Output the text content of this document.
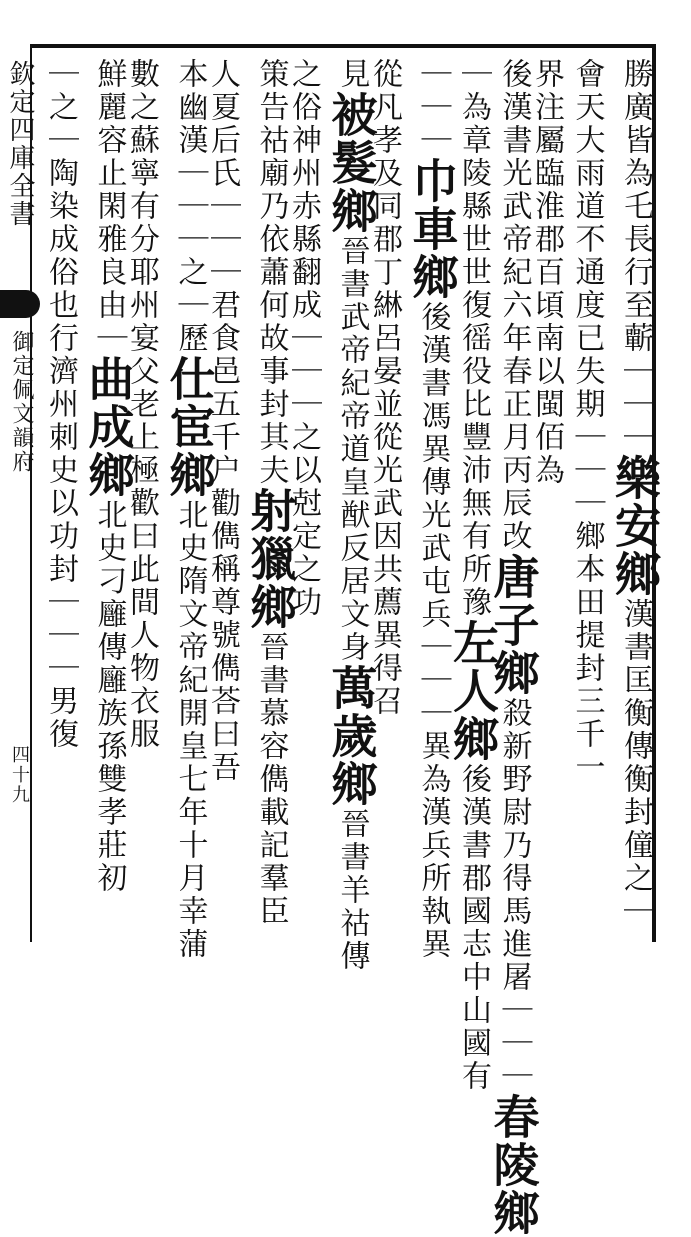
欽定四庫全書
御定佩文韻府
四十九
勝廣皆為乇長行至蘄｜｜｜樂安鄉漢書匡衡傳衡封僮之｜
會天大雨道不通度已失期｜｜｜鄉本田提封三千一
界注屬臨淮郡百頃南以閩佰為
後漢書光武帝紀六年春正月丙辰改唐子鄉殺新野尉乃得馬進屠｜｜｜春陵鄉
｜為章陵縣世世復徭役比豐沛無有所豫左人鄉後漢書郡國志中山國有
｜｜｜巾車鄉後漢書馮異傳光武屯兵｜｜｜異為漢兵所執異
從凡孝及同郡丁綝呂晏並從光武因共薦異得召
見被髮鄉晉書武帝紀帝道皇猷反居文身萬歲鄉晉書羊祜傳
之俗神州赤縣翻成｜｜｜之以尅定之功
策告祜廟乃依蕭何故事封其夫射獵鄉晉書慕容儁載記羣臣
人夏后氏｜｜｜君食邑五千户勸儁稱尊號儁荅曰吾
本幽漢｜｜｜之｜歷仕宦鄉北史隋文帝紀開皇七年十月幸蒲
數之蘇寧有分耶州宴父老上極歡曰此間人物衣服
鮮麗容止閑雅良由｜曲成鄉北史刁廱傳廱族孫雙孝莊初
｜之｜陶染成俗也行濟州刺史以功封｜｜｜男復
